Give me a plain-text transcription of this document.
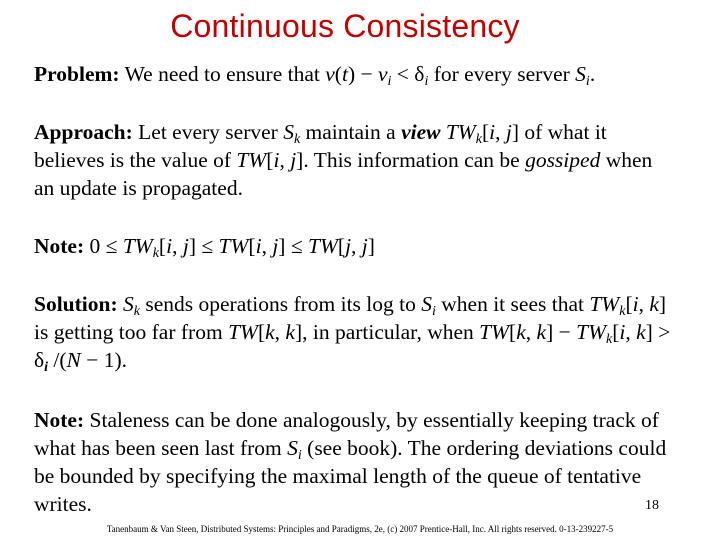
Continuous Consistency
Problem: We need to ensure that $v(t) - v_i < \delta_i$ for every server $S_i$.
Approach: Let every server $S_k$ maintain a view $TW_k[i$, j] of what it believes is the value of TW[i, j]. This information can be gossiped when an update is propagated.
Note: $0 \le TW_k[i$, j] ≤ TW[i, j] ≤ TW[j, j]
Solution: $S_k$ sends operations from its log to $S_i$ when it sees that $TW_k[i$, k] is getting too far from TW[k, k], in particular, when TW[k, $k] - TW_k[i$, $k] > \delta_i$ /(N − 1).
Note: Staleness can be done analogously, by essentially keeping track of what has been seen last from $S_i$ (see book). The ordering deviations could be bounded by specifying the maximal length of the queue of tentative writes.	18
Tanenbaum & Van Steen, Distributed Systems: Principles and Paradigms, 2e, (c) 2007 Prentice-Hall, Inc. All rights reserved. 0-13-239227-5
